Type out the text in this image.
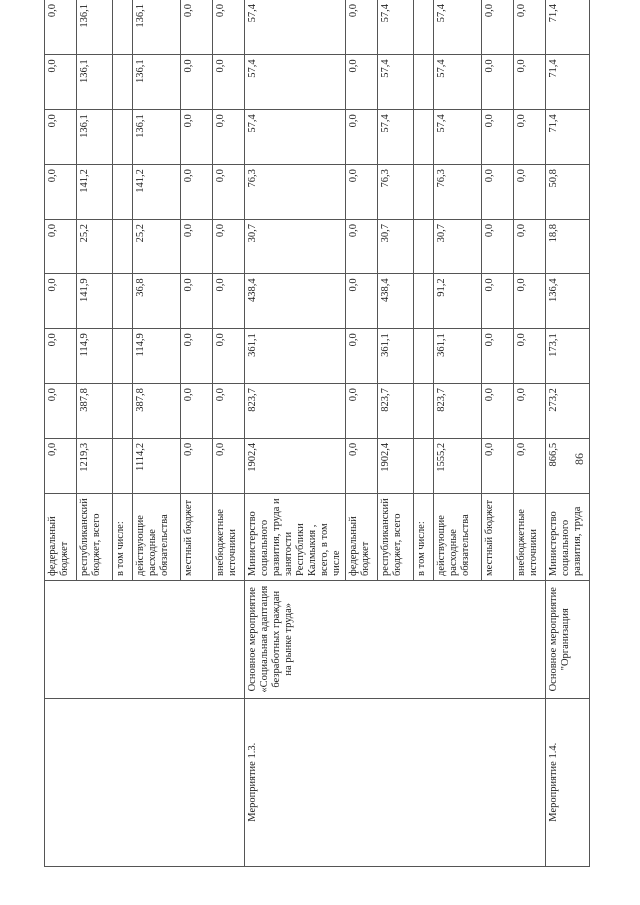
		федеральный бюджет	0,0	0,0	0,0	0,0	0,0	0,0	0,0	0,0	0,0
		республиканский бюджет, всего	1219,3	387,8	114,9	141,9	25,2	141,2	136,1	136,1	136,1
		в том числе:									
		действующие расходные обязательства	1114,2	387,8	114,9	36,8	25,2	141,2	136,1	136,1	136,1
		местный бюджет	0,0	0,0	0,0	0,0	0,0	0,0	0,0	0,0	0,0
		внебюджетные источники	0,0	0,0	0,0	0,0	0,0	0,0	0,0	0,0	0,0
Мероприятие 1.3.	Основное мероприятие «Социальная адаптация безработных граждан на рынке труда»	Министерство социального развития, труда и занятости Республики Калмыкия , всего, в том числе	1902,4	823,7	361,1	438,4	30,7	76,3	57,4	57,4	57,4
		федеральный бюджет	0,0	0,0	0,0	0,0	0,0	0,0	0,0	0,0	0,0
		республиканский бюджет, всего	1902,4	823,7	361,1	438,4	30,7	76,3	57,4	57,4	57,4
		в том числе:									
		действующие расходные обязательства	1555,2	823,7	361,1	91,2	30,7	76,3	57,4	57,4	57,4
		местный бюджет	0,0	0,0	0,0	0,0	0,0	0,0	0,0	0,0	0,0
		внебюджетные источники	0,0	0,0	0,0	0,0	0,0	0,0	0,0	0,0	0,0
Мероприятие 1.4.	Основное мероприятие "Организация	Министерство социального развития, труда	866,5	273,2	173,1	136,4	18,8	50,8	71,4	71,4	71,4
86
